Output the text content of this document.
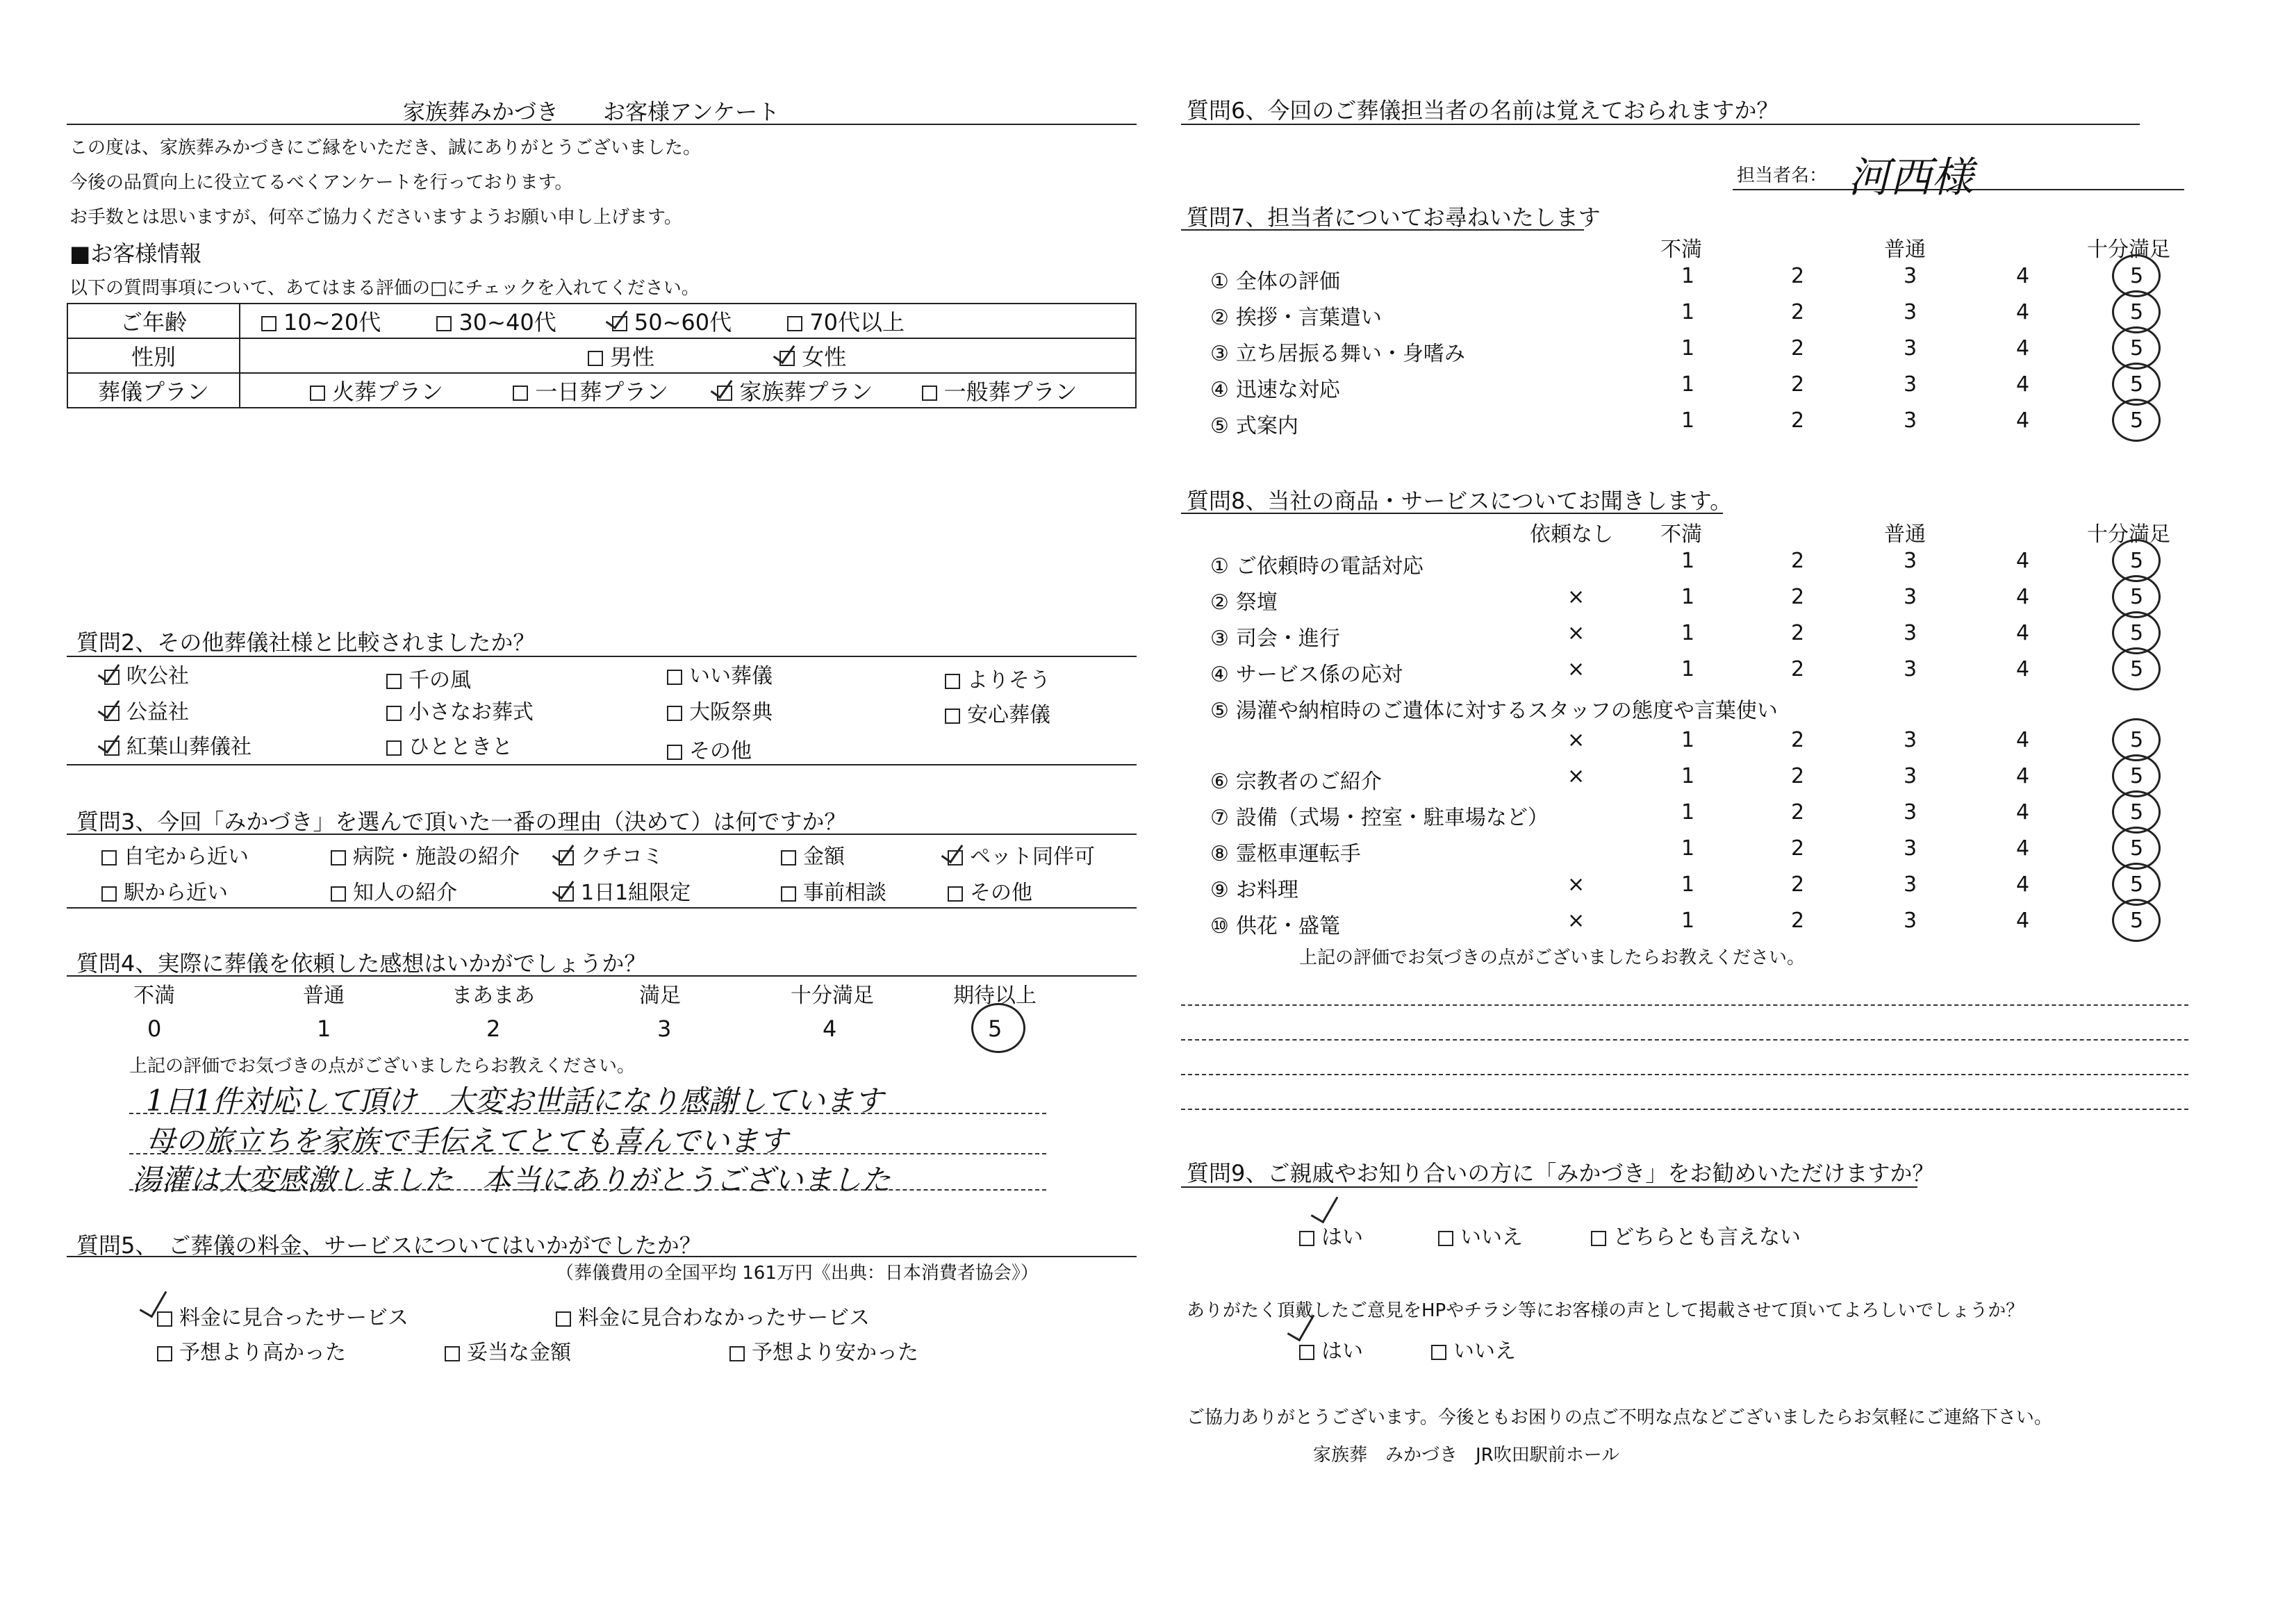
家族葬みかづき　　お客様アンケート
この度は、家族葬みかづきにご縁をいただき、誠にありがとうございました。
今後の品質向上に役立てるべくアンケートを行っております。
お手数とは思いますが、何卒ご協力くださいますようお願い申し上げます。
■お客様情報
以下の質問事項について、あてはまる評価の□にチェックを入れてください。
ご年齢	10~20代 30~40代 50~60代 70代以上
性別	男性 女性
葬儀プラン	火葬プラン 一日葬プラン 家族葬プラン 一般葬プラン
質問2、その他葬儀社様と比較されましたか？
吹公社	千の風	いい葬儀	よりそう
公益社	小さなお葬式	大阪祭典	安心葬儀
紅葉山葬儀社	ひとときと	その他
質問3、今回「みかづき」を選んで頂いた一番の理由（決めて）は何ですか？
自宅から近い	病院・施設の紹介	クチコミ	金額	ペット同伴可
駅から近い	知人の紹介	1日1組限定	事前相談	その他
質問4、実際に葬儀を依頼した感想はいかがでしょうか？
不満	普通	まあまあ	満足	十分満足	期待以上
0	1	2	3	4	5
上記の評価でお気づきの点がございましたらお教えください。
1日1件対応して頂け　大変お世話になり感謝しています
母の旅立ちを家族で手伝えてとても喜んでいます
湯灌は大変感激しました　本当にありがとうございました
質問5、　ご葬儀の料金、サービスについてはいかがでしたか？
（葬儀費用の全国平均 161万円《出典：日本消費者協会》）
料金に見合ったサービス	料金に見合わなかったサービス
予想より高かった	妥当な金額	予想より安かった
質問6、今回のご葬儀担当者の名前は覚えておられますか？
担当者名： 河西様
質問7、担当者についてお尋ねいたします
不満	普通	十分満足
① 全体の評価	1	2	3	4	5
② 挨拶・言葉遣い	1	2	3	4	5
③ 立ち居振る舞い・身嗜み	1	2	3	4	5
④ 迅速な対応	1	2	3	4	5
⑤ 式案内	1	2	3	4	5
質問8、当社の商品・サービスについてお聞きします。
依頼なし 不満	普通	十分満足
① ご依頼時の電話対応	1	2	3	4	5
② 祭壇	×	1	2	3	4	5
③ 司会・進行	×	1	2	3	4	5
④ サービス係の応対	×	1	2	3	4	5
⑤ 湯灌や納棺時のご遺体に対するスタッフの態度や言葉使い
×	1	2	3	4	5
⑥ 宗教者のご紹介	×	1	2	3	4	5
⑦ 設備（式場・控室・駐車場など）	1	2	3	4	5
⑧ 霊柩車運転手	1	2	3	4	5
⑨ お料理	×	1	2	3	4	5
⑩ 供花・盛篭	×	1	2	3	4	5
上記の評価でお気づきの点がございましたらお教えください。
質問9、ご親戚やお知り合いの方に「みかづき」をお勧めいただけますか？
はい	いいえ	どちらとも言えない
ありがたく頂戴したご意見をHPやチラシ等にお客様の声として掲載させて頂いてよろしいでしょうか？
はい	いいえ
ご協力ありがとうございます。今後ともお困りの点ご不明な点などございましたらお気軽にご連絡下さい。
家族葬　みかづき　JR吹田駅前ホール
